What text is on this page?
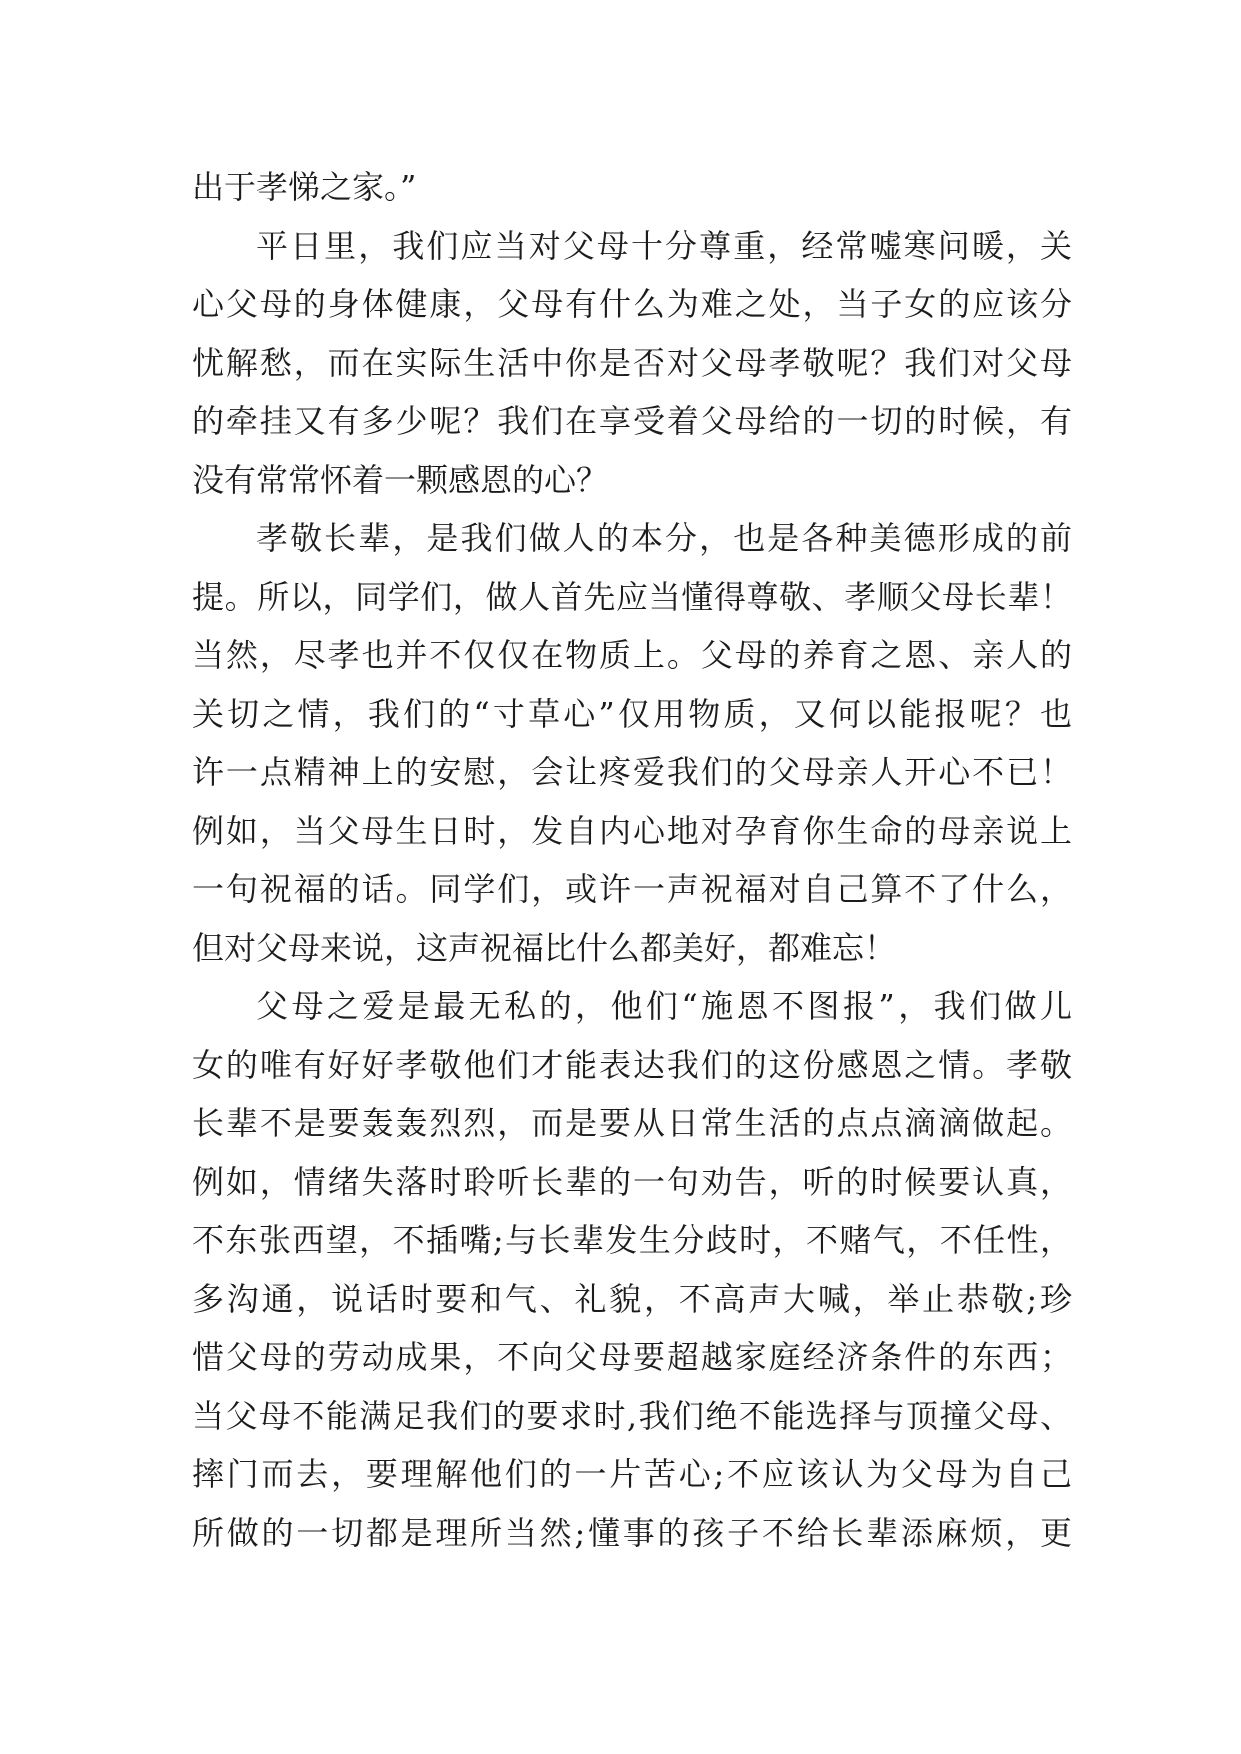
出于孝悌之家。”
平日里，我们应当对父母十分尊重，经常嘘寒问暖，关
心父母的身体健康，父母有什么为难之处，当子女的应该分
忧解愁，而在实际生活中你是否对父母孝敬呢？我们对父母
的牵挂又有多少呢？我们在享受着父母给的一切的时候，有
没有常常怀着一颗感恩的心？
孝敬长辈，是我们做人的本分，也是各种美德形成的前
提。所以，同学们，做人首先应当懂得尊敬、孝顺父母长辈！
当然，尽孝也并不仅仅在物质上。父母的养育之恩、亲人的
关切之情，我们的“寸草心”仅用物质，又何以能报呢？也
许一点精神上的安慰，会让疼爱我们的父母亲人开心不已！
例如，当父母生日时，发自内心地对孕育你生命的母亲说上
一句祝福的话。同学们，或许一声祝福对自己算不了什么，
但对父母来说，这声祝福比什么都美好，都难忘！
父母之爱是最无私的，他们“施恩不图报”，我们做儿
女的唯有好好孝敬他们才能表达我们的这份感恩之情。孝敬
长辈不是要轰轰烈烈，而是要从日常生活的点点滴滴做起。
例如，情绪失落时聆听长辈的一句劝告，听的时候要认真，
不东张西望，不插嘴;与长辈发生分歧时，不赌气，不任性，
多沟通，说话时要和气、礼貌，不高声大喊，举止恭敬;珍
惜父母的劳动成果，不向父母要超越家庭经济条件的东西；
当父母不能满足我们的要求时,我们绝不能选择与顶撞父母、
摔门而去，要理解他们的一片苦心;不应该认为父母为自己
所做的一切都是理所当然;懂事的孩子不给长辈添麻烦，更
